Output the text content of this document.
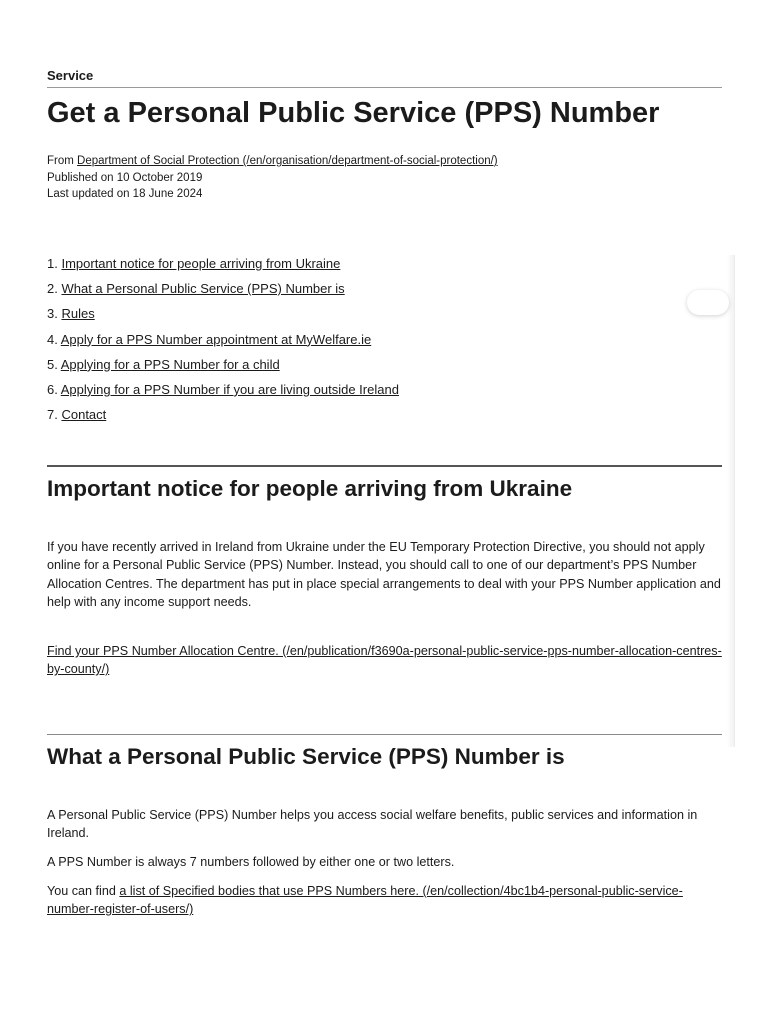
Service
Get a Personal Public Service (PPS) Number
From Department of Social Protection (/en/organisation/department-of-social-protection/)
Published on 10 October 2019
Last updated on 18 June 2024
1. Important notice for people arriving from Ukraine
2. What a Personal Public Service (PPS) Number is
3. Rules
4. Apply for a PPS Number appointment at MyWelfare.ie
5. Applying for a PPS Number for a child
6. Applying for a PPS Number if you are living outside Ireland
7. Contact
Important notice for people arriving from Ukraine

If you have recently arrived in Ireland from Ukraine under the EU Temporary Protection Directive, you should not apply online for a Personal Public Service (PPS) Number. Instead, you should call to one of our department’s PPS Number Allocation Centres. The department has put in place special arrangements to deal with your PPS Number application and help with any income support needs.

Find your PPS Number Allocation Centre. (/en/publication/f3690a-personal-public-service-pps-number-allocation-centres-by-county/)

What a Personal Public Service (PPS) Number is

A Personal Public Service (PPS) Number helps you access social welfare benefits, public services and information in Ireland.

A PPS Number is always 7 numbers followed by either one or two letters.

You can find a list of Specified bodies that use PPS Numbers here. (/en/collection/4bc1b4-personal-public-service-number-register-of-users/)
